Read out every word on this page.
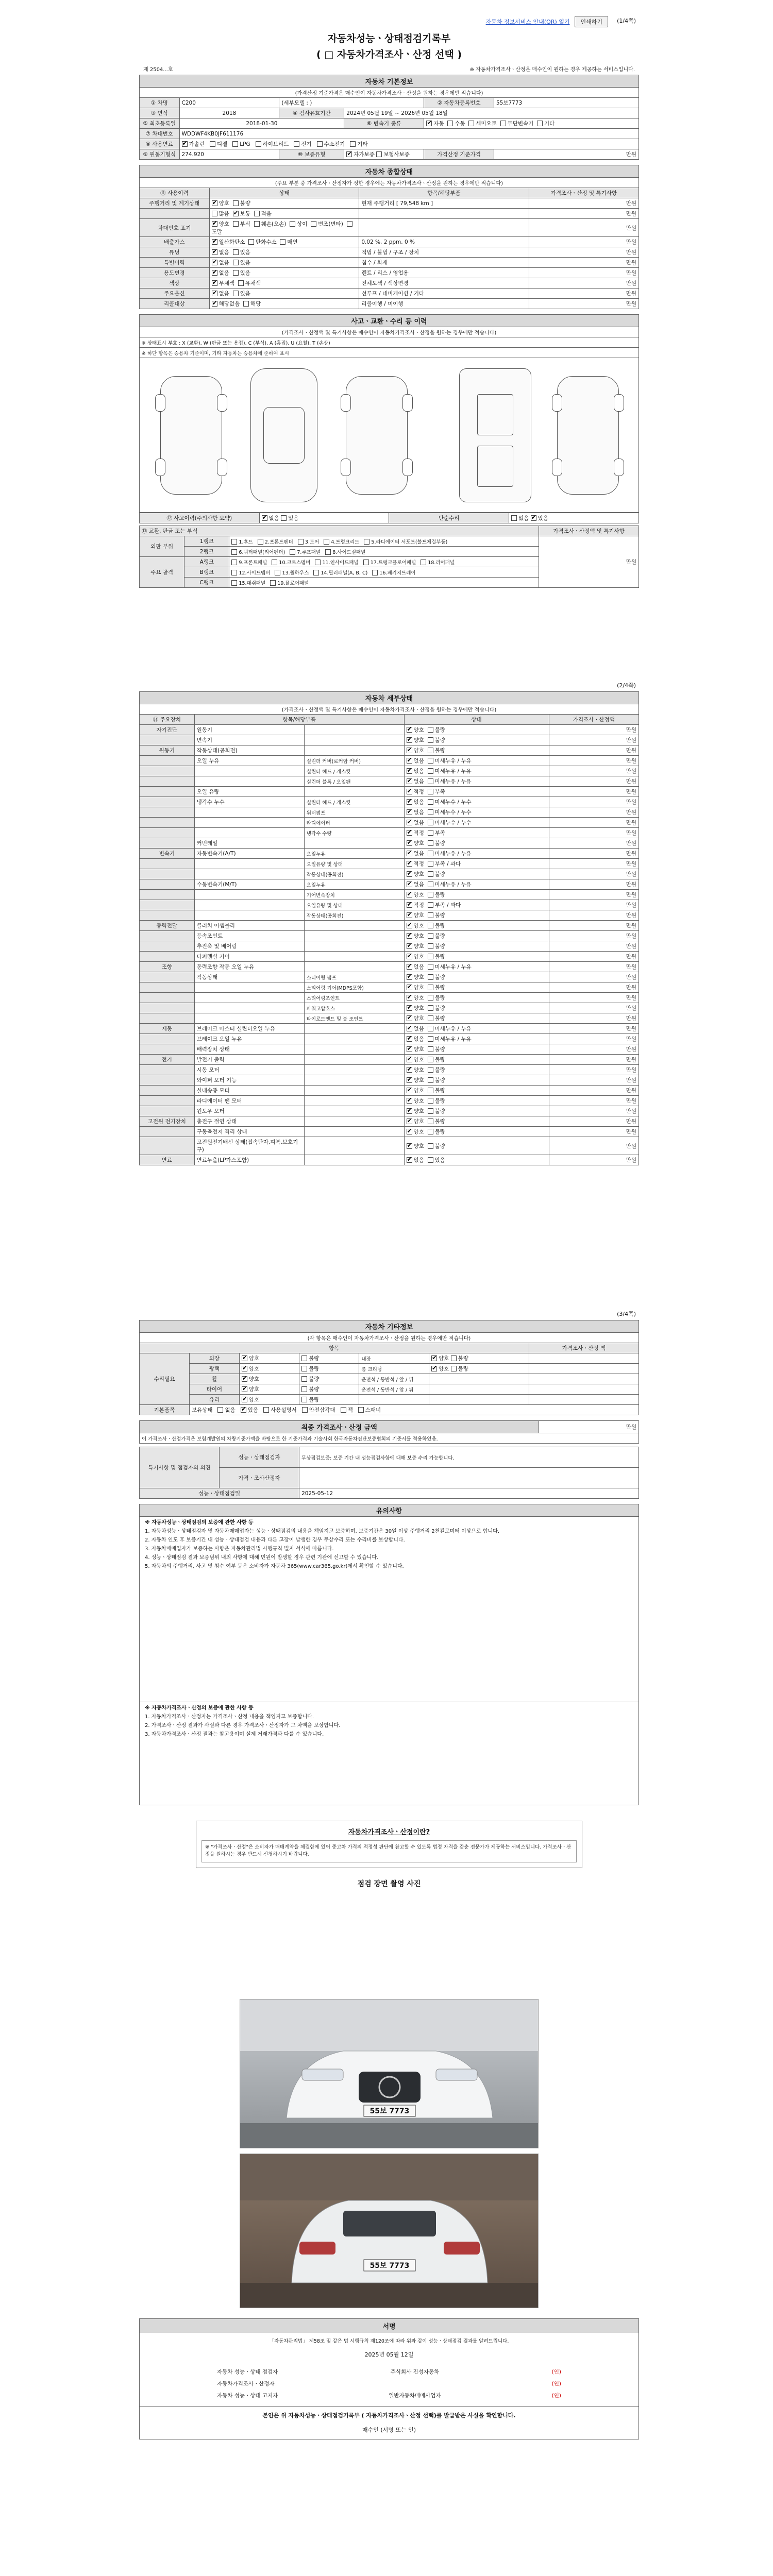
(1/4쪽)
자동차 정보서비스 안내(QR) 열기	인쇄하기
자동차성능ㆍ상태점검기록부
( □ 자동차가격조사ㆍ산정 선택 )
제 2504...호	※ 자동차가격조사ㆍ산정은 매수인이 원하는 경우 제공하는 서비스입니다.
자동차 기본정보					
(가격산정 기준가격은 매수인이 자동차가격조사 · 산정을 원하는 경우에만 적습니다)					
① 차명	C200	(세부모델 : )		② 자동차등록번호	55보7773
③ 연식	2018	④ 검사유효기간	2024년 05월 19일 ~ 2026년 05월 18일		
⑤ 최초등록일	2018-01-30		⑥ 변속기 종류	✔자동 수동 세미오토 무단변속기 기타
⑦ 차대번호	WDDWF4KB0JF611176				
⑧ 사용연료	✔가솔린 디젤 LPG 하이브리드 전기 수소전기 기타
⑨ 원동기형식	274.920	⑩ 보증유형	✔자가보증 보험사보증	가격산정 기준가격	만원
자동차 종합상태			
(주요 부분 중 가격조사ㆍ산정자가 정한 경우에는 자동차가격조사ㆍ산정을 원하는 경우에만 적습니다)			
⑪ 사용이력	상태	항목/해당부품	가격조사ㆍ산정 및 특기사항
주행거리 및 계기상태	✔양호 불량	현재 주행거리 [ 79,548 km ]	만원
	많음 ✔ 보통 적음		만원
차대번호 표기	✔양호 부식 훼손(오손) 상이 변조(변타)  도말		만원
배출가스	✔일산화탄소 탄화수소 매연	0.02 %, 2 ppm, 0 %	만원
튜닝	✔없음 있음	적법 / 불법 / 구조 / 장치	만원
특별이력	✔없음 있음	침수 / 화재	만원
용도변경	✔없음 있음	렌트 / 리스 / 영업용	만원
색상	✔무채색 유채색	전체도색 / 색상변경	만원
주요옵션	✔없음 있음	선루프 / 네비게이션 / 기타	만원
리콜대상	✔해당없음 해당	리콜이행 / 미이행	만원
사고ㆍ교환ㆍ수리 등 이력
(가격조사ㆍ산정액 및 특기사항은 매수인이 자동차가격조사ㆍ산정을 원하는 경우에만 적습니다)
※ 상태표시 부호 : X (교환), W (판금 또는 용접), C (부식), A (흠집), U (요철), T (손상)
※ 하단 항목은 승용차 기준이며, 기타 자동차는 승용차에 준하여 표시
⑫ 사고이력(주의사항 요약)	✔없음 있음	단순수리	없음 ✔ 있음
⑬ 교환, 판금 또는 부식			가격조사ㆍ산정액 및 특기사항
외판 부위	1랭크	1.후드 2.프론트펜더 3.도어 4.트렁크리드 5.라디에이터 서포트(볼트체결부품)	만원
	2랭크	6.쿼터패널(리어펜더) 7.루프패널 8.사이드실패널	
주요 골격	A랭크	9.프론트패널 10.크로스멤버 11.인사이드패널 17.트렁크플로어패널 18.리어패널	
	B랭크	12.사이드멤버 13.휠하우스 14.필러패널(A, B, C) 16.패키지트레이	
	C랭크	15.대쉬패널 19.플로어패널	
(2/4쪽)
자동차 세부상태				
(가격조사ㆍ산정액 및 특기사항은 매수인이 자동차가격조사ㆍ산정을 원하는 경우에만 적습니다)				
⑭ 주요장치	항목/해당부품		상태	가격조사ㆍ산정액
자기진단	원동기		✔양호 불량	만원
	변속기		✔양호 불량	만원
원동기	작동상태(공회전)		✔양호 불량	만원
	오일 누유	실린더 커버(로커암 커버)	✔없음 미세누유 / 누유	만원
		실린더 헤드 / 개스킷	✔없음 미세누유 / 누유	만원
		실린더 블록 / 오일팬	✔없음 미세누유 / 누유	만원
	오일 유량		✔적정 부족	만원
	냉각수 누수	실린더 헤드 / 개스킷	✔없음 미세누수 / 누수	만원
		워터펌프	✔없음 미세누수 / 누수	만원
		라디에이터	✔없음 미세누수 / 누수	만원
		냉각수 수량	✔적정 부족	만원
	커먼레일		✔양호 불량	만원
변속기	자동변속기(A/T)	오일누유	✔없음 미세누유 / 누유	만원
		오일유량 및 상태	✔적정 부족 / 과다	만원
		작동상태(공회전)	✔양호 불량	만원
	수동변속기(M/T)	오일누유	✔없음 미세누유 / 누유	만원
		기어변속장치	✔양호 불량	만원
		오일유량 및 상태	✔적정 부족 / 과다	만원
		작동상태(공회전)	✔양호 불량	만원
동력전달	클러치 어셈블리		✔양호 불량	만원
	등속조인트		✔양호 불량	만원
	추진축 및 베어링		✔양호 불량	만원
	디퍼렌셜 기어		✔양호 불량	만원
조향	동력조향 작동 오일 누유		✔없음 미세누유 / 누유	만원
	작동상태	스티어링 펌프	✔양호 불량	만원
		스티어링 기어(MDPS포함)	✔양호 불량	만원
		스티어링조인트	✔양호 불량	만원
		파워고압호스	✔양호 불량	만원
		타이로드엔드 및 볼 조인트	✔양호 불량	만원
제동	브레이크 마스터 실린더오일 누유		✔없음 미세누유 / 누유	만원
	브레이크 오일 누유		✔없음 미세누유 / 누유	만원
	배력장치 상태		✔양호 불량	만원
전기	발전기 출력		✔양호 불량	만원
	시동 모터		✔양호 불량	만원
	와이퍼 모터 기능		✔양호 불량	만원
	실내송풍 모터		✔양호 불량	만원
	라디에이터 팬 모터		✔양호 불량	만원
	윈도우 모터		✔양호 불량	만원
고전원 전기장치	충전구 절연 상태		✔양호 불량	만원
	구동축전지 격리 상태		✔양호 불량	만원
	고전원전기배선 상태(접속단자,피복,보호기구)		✔양호 불량	만원
연료	연료누출(LP가스포함)		✔없음 있음	만원
(3/4쪽)
자동차 기타정보						
(각 항목은 매수인이 자동차가격조사ㆍ산정을 원하는 경우에만 적습니다)						
항목						가격조사ㆍ산정 액
수리필요	외장	✔양호	불량	내장	✔양호 불량	
	광택	✔양호	불량	룸 크리닝	✔양호 불량	
	휠	✔양호	불량	운전석 / 동반석 / 앞 / 뒤		
	타이어	✔양호	불량	운전석 / 동반석 / 앞 / 뒤		
	유리	✔양호	불량			
기본품목	보유상태 없음 ✔ 있음 사용설명서 안전삼각대 잭 스패너
최종 가격조사ㆍ산정 금액	만원
이 가격조사ㆍ산정가격은 보험개발원의 차량기준가액을 바탕으로 한 기준가격과 기술사회 한국자동차진단보증협회의 기준서를 적용하였음.
특기사항 및 점검자의 의견	성능ㆍ상태점검자	무상점검보증: 보증 기간 내 성능점검사항에 대해 보증 수리 가능합니다.
	가격ㆍ조사산정자	
성능ㆍ상태점검일		2025-05-12
유의사항

※ 자동차성능ㆍ상태점검의 보증에 관한 사항 등

1. 자동차성능ㆍ상태점검자 및 자동차매매업자는 성능ㆍ상태점검의 내용을 책임지고 보증하며, 보증기간은 30일 이상 주행거리 2천킬로미터 이상으로 합니다.

2. 자동차 인도 후 보증기간 내 성능ㆍ상태점검 내용과 다른 고장이 발생한 경우 무상수리 또는 수리비를 보상합니다.

3. 자동차매매업자가 보증하는 사항은 자동차관리법 시행규칙 별지 서식에 따릅니다.

4. 성능ㆍ상태점검 결과 보증범위 내의 사항에 대해 민원이 발생할 경우 관련 기관에 신고할 수 있습니다.

5. 자동차의 주행거리, 사고 및 침수 여부 등은 소비자가 자동차 365(www.car365.go.kr)에서 확인할 수 있습니다.

※ 자동차가격조사ㆍ산정의 보증에 관한 사항 등

1. 자동차가격조사ㆍ산정자는 가격조사ㆍ산정 내용을 책임지고 보증합니다.

2. 가격조사ㆍ산정 결과가 사실과 다른 경우 가격조사ㆍ산정자가 그 차액을 보상합니다.

3. 자동차가격조사ㆍ산정 결과는 참고용이며 실제 거래가격과 다를 수 있습니다.

자동차가격조사ㆍ산정이란?
※ "가격조사ㆍ산정"은 소비자가 매매계약을 체결함에 있어 중고차 가격의 적정성 판단에 참고할 수 있도록 법정 자격을 갖춘 전문가가 제공하는 서비스입니다. 가격조사ㆍ산정을 원하시는 경우 반드시 신청하시기 바랍니다.
점검 장면 촬영 사진
55보 7773
55보 7773
서명
「자동차관리법」 제58조 및 같은 법 시행규칙 제120조에 따라 위와 같이 성능ㆍ상태점검 결과를 알려드립니다.
2025년 05월 12일
자동차 성능ㆍ상태 점검자	주식회사 진성자동차	(인)
자동차가격조사ㆍ산정자	(인)
자동차 성능ㆍ상태 고지자	일반자동차매매사업자	(인)
본인은 위 자동차성능ㆍ상태점검기록부 ( 자동차가격조사ㆍ산정 선택)를 발급받은 사실을 확인합니다.
매수인 (서명 또는 인)
